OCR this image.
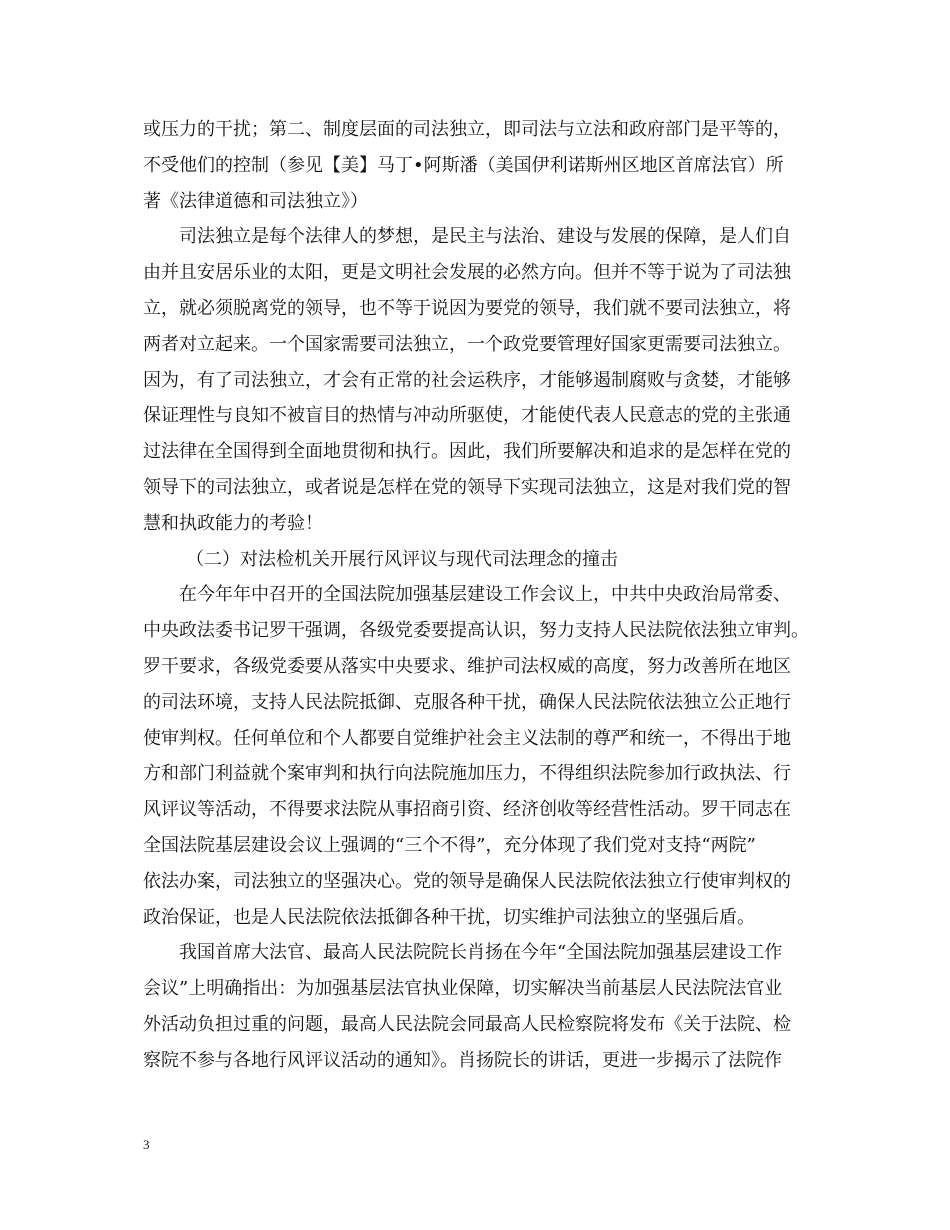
或压力的干扰；第二、制度层面的司法独立，即司法与立法和政府部门是平等的，
不受他们的控制（参见【美】马丁•阿斯潘（美国伊利诺斯州区地区首席法官）所
著《法律道德和司法独立》）
司法独立是每个法律人的梦想，是民主与法治、建设与发展的保障，是人们自
由并且安居乐业的太阳，更是文明社会发展的必然方向。但并不等于说为了司法独
立，就必须脱离党的领导，也不等于说因为要党的领导，我们就不要司法独立，将
两者对立起来。一个国家需要司法独立，一个政党要管理好国家更需要司法独立。
因为，有了司法独立，才会有正常的社会运秩序，才能够遏制腐败与贪婪，才能够
保证理性与良知不被盲目的热情与冲动所驱使，才能使代表人民意志的党的主张通
过法律在全国得到全面地贯彻和执行。因此，我们所要解决和追求的是怎样在党的
领导下的司法独立，或者说是怎样在党的领导下实现司法独立，这是对我们党的智
慧和执政能力的考验！
（二）对法检机关开展行风评议与现代司法理念的撞击
在今年年中召开的全国法院加强基层建设工作会议上，中共中央政治局常委、
中央政法委书记罗干强调，各级党委要提高认识，努力支持人民法院依法独立审判。
罗干要求，各级党委要从落实中央要求、维护司法权威的高度，努力改善所在地区
的司法环境，支持人民法院抵御、克服各种干扰，确保人民法院依法独立公正地行
使审判权。任何单位和个人都要自觉维护社会主义法制的尊严和统一，不得出于地
方和部门利益就个案审判和执行向法院施加压力，不得组织法院参加行政执法、行
风评议等活动，不得要求法院从事招商引资、经济创收等经营性活动。罗干同志在
全国法院基层建设会议上强调的“三个不得”，充分体现了我们党对支持“两院”
依法办案，司法独立的坚强决心。党的领导是确保人民法院依法独立行使审判权的
政治保证，也是人民法院依法抵御各种干扰，切实维护司法独立的坚强后盾。
我国首席大法官、最高人民法院院长肖扬在今年“全国法院加强基层建设工作
会议”上明确指出：为加强基层法官执业保障，切实解决当前基层人民法院法官业
外活动负担过重的问题，最高人民法院会同最高人民检察院将发布《关于法院、检
察院不参与各地行风评议活动的通知》。肖扬院长的讲话，更进一步揭示了法院作
3
